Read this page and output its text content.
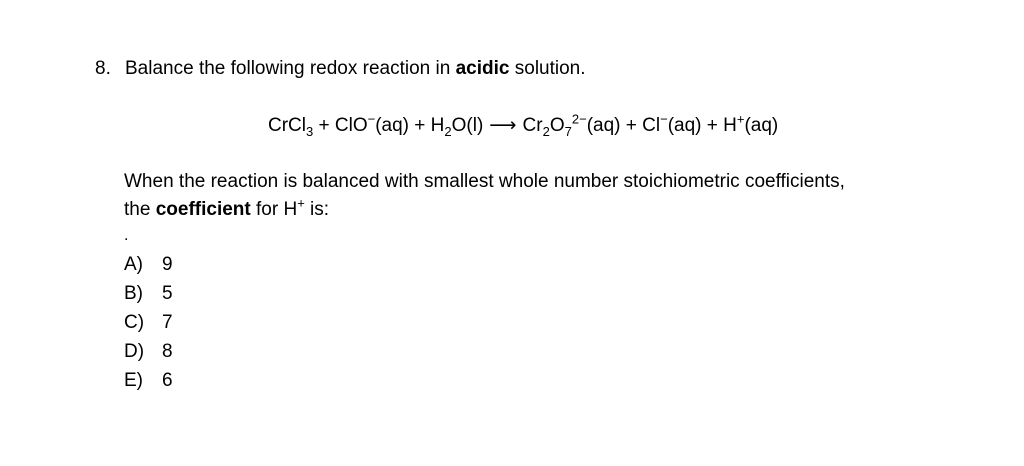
8. Balance the following redox reaction in acidic solution.
CrCl$_3$ + $ClO^-(aq) + H_2O(l)$ ⟶ $Cr_2O_7^{2-}(aq) + Cl^-(aq) + H^+(aq)$
When the reaction is balanced with smallest whole number stoichiometric coefficients,
the coefficient for H+ is:
.
A) 9
B) 5
C) 7
D) 8
E) 6
